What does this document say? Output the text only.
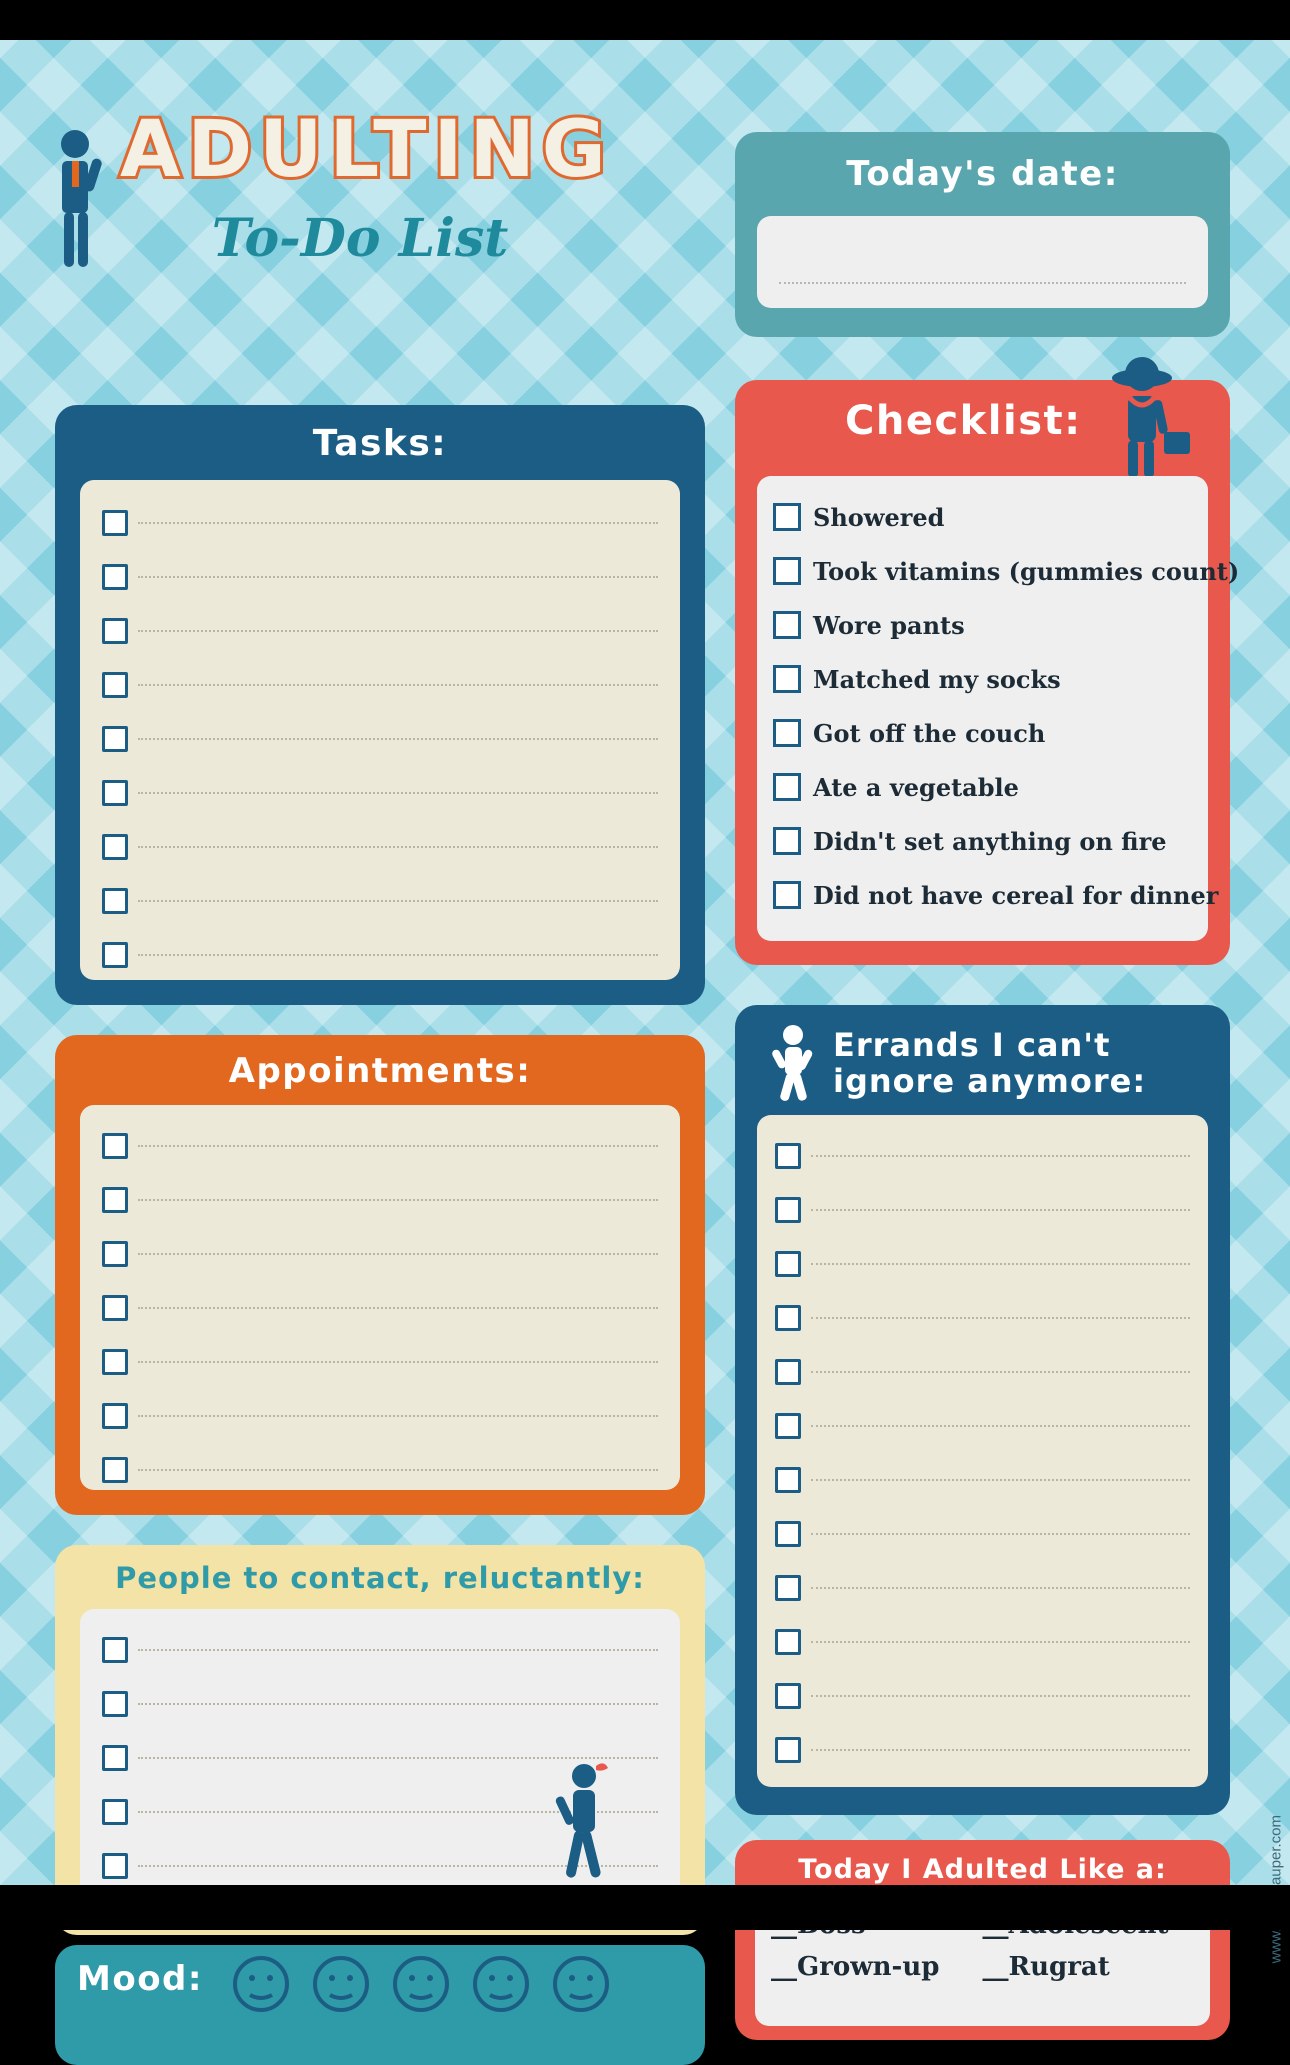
ADULTING
To-Do List
Today's date:
Tasks:
Appointments:
People to contact, reluctantly:
Mood:
Checklist:
Showered
Took vitamins (gummies count)
Wore pants
Matched my socks
Got off the couch
Ate a vegetable
Didn't set anything on fire
Did not have cereal for dinner
Errands I can't ignore anymore:
Today I Adulted Like a:
__Grown-up	__Rugrat
